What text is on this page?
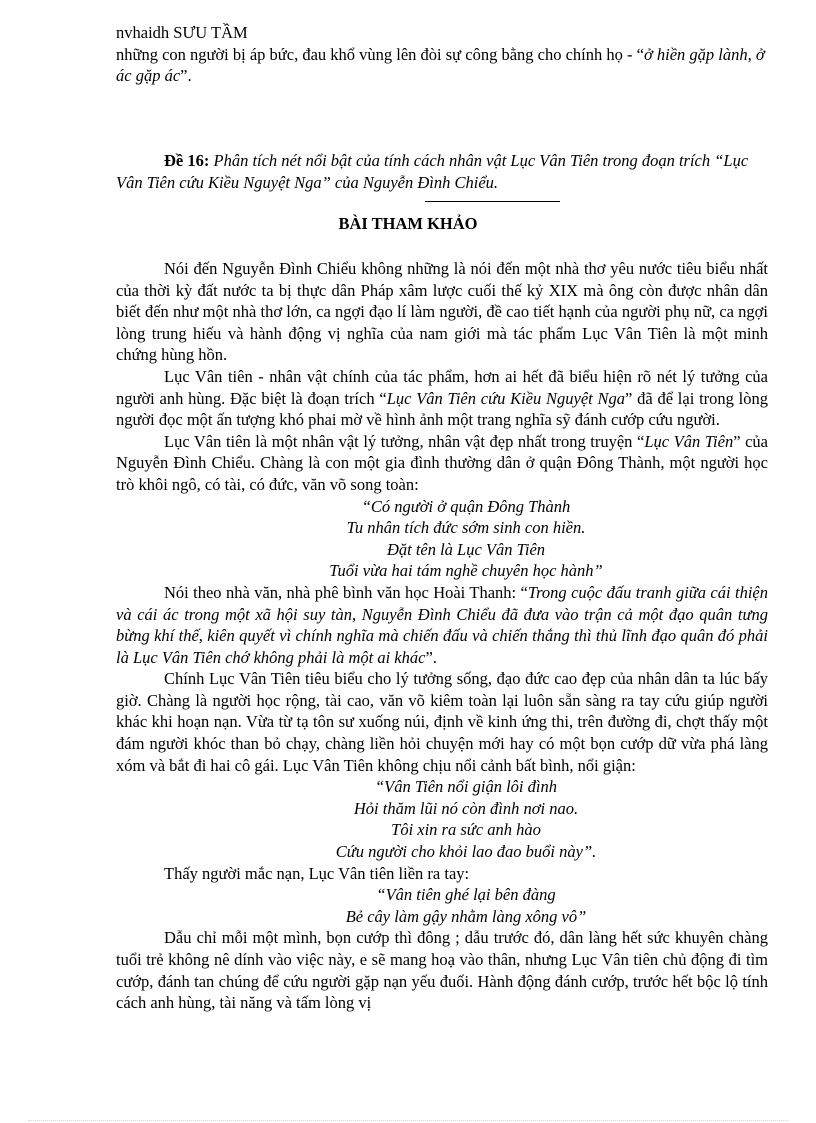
nvhaidh SƯU TẦM
những con người bị áp bức, đau khổ vùng lên đòi sự công bằng cho chính họ - “ở hiền gặp lành, ở ác gặp ác”.
Đề 16: Phân tích nét nổi bật của tính cách nhân vật Lục Vân Tiên trong đoạn trích “Lục Vân Tiên cứu Kiều Nguyệt Nga” của Nguyễn Đình Chiểu.
BÀI THAM KHẢO

Nói đến Nguyễn Đình Chiểu không những là nói đến một nhà thơ yêu nước tiêu biểu nhất của thời kỳ đất nước ta bị thực dân Pháp xâm lược cuối thế kỷ XIX mà ông còn được nhân dân biết đến như một nhà thơ lớn, ca ngợi đạo lí làm người, đề cao tiết hạnh của người phụ nữ, ca ngợi lòng trung hiếu và hành động vị nghĩa của nam giới mà tác phẩm Lục Vân Tiên là một minh chứng hùng hồn.

Lục Vân tiên - nhân vật chính của tác phẩm, hơn ai hết đã biểu hiện rõ nét lý tưởng của người anh hùng. Đặc biệt là đoạn trích “Lục Vân Tiên cứu Kiều Nguyệt Nga” đã để lại trong lòng người đọc một ấn tượng khó phai mờ về hình ảnh một trang nghĩa sỹ đánh cướp cứu người.

Lục Vân tiên là một nhân vật lý tưởng, nhân vật đẹp nhất trong truyện “Lục Vân Tiên” của Nguyễn Đình Chiểu. Chàng là con một gia đình thường dân ở quận Đông Thành, một người học trò khôi ngô, có tài, có đức, văn võ song toàn:

“Có người ở quận Đông Thành
Tu nhân tích đức sớm sinh con hiền.
Đặt tên là Lục Vân Tiên
Tuổi vừa hai tám nghề chuyên học hành”

Nói theo nhà văn, nhà phê bình văn học Hoài Thanh: “Trong cuộc đấu tranh giữa cái thiện và cái ác trong một xã hội suy tàn, Nguyễn Đình Chiểu đã đưa vào trận cả một đạo quân tưng bừng khí thế, kiên quyết vì chính nghĩa mà chiến đấu và chiến thắng thì thủ lĩnh đạo quân đó phải là Lục Vân Tiên chớ không phải là một ai khác”.

Chính Lục Vân Tiên tiêu biểu cho lý tưởng sống, đạo đức cao đẹp của nhân dân ta lúc bấy giờ. Chàng là người học rộng, tài cao, văn võ kiêm toàn lại luôn sẵn sàng ra tay cứu giúp người khác khi hoạn nạn. Vừa từ tạ tôn sư xuống núi, định về kinh ứng thi, trên đường đi, chợt thấy một đám người khóc than bỏ chạy, chàng liền hỏi chuyện mới hay có một bọn cướp dữ vừa phá làng xóm và bắt đi hai cô gái. Lục Vân Tiên không chịu nổi cảnh bất bình, nổi giận:

“Vân Tiên nổi giận lôi đình
Hỏi thăm lũi nó còn đình nơi nao.
Tôi xin ra sức anh hào
Cứu người cho khỏi lao đao buổi này”.

Thấy người mắc nạn, Lục Vân tiên liền ra tay:

“Vân tiên ghé lại bên đàng
Bẻ cây làm gậy nhằm làng xông vô”

Dẫu chỉ mỗi một mình, bọn cướp thì đông ; dẫu trước đó, dân làng hết sức khuyên chàng tuổi trẻ không nê dính vào việc này, e sẽ mang hoạ vào thân, nhưng Lục Vân tiên chủ động đi tìm cướp, đánh tan chúng để cứu người gặp nạn yếu đuối. Hành động đánh cướp, trước hết bộc lộ tính cách anh hùng, tài năng và tấm lòng vị
